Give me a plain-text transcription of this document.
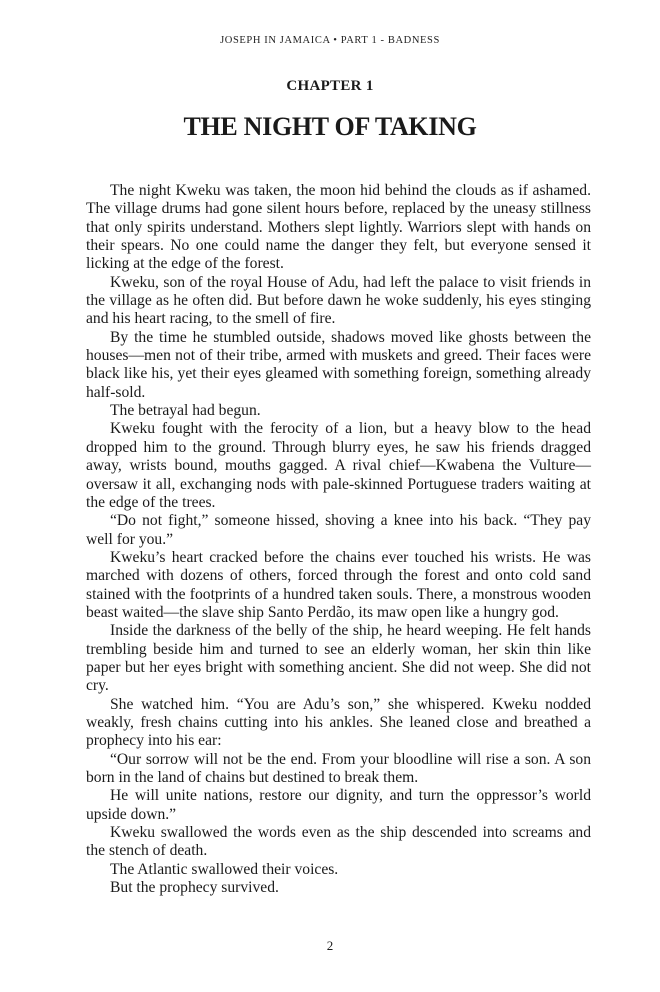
JOSEPH IN JAMAICA • PART 1 - BADNESS
CHAPTER 1
THE NIGHT OF TAKING

The night Kweku was taken, the moon hid behind the clouds as if ashamed. The village drums had gone silent hours before, replaced by the uneasy stillness that only spirits understand. Mothers slept lightly. Warriors slept with hands on their spears. No one could name the danger they felt, but everyone sensed it licking at the edge of the forest.

Kweku, son of the royal House of Adu, had left the palace to visit friends in the village as he often did. But before dawn he woke suddenly, his eyes stinging and his heart racing, to the smell of fire.

By the time he stumbled outside, shadows moved like ghosts between the houses—men not of their tribe, armed with muskets and greed. Their faces were black like his, yet their eyes gleamed with something foreign, something already half-sold.

The betrayal had begun.

Kweku fought with the ferocity of a lion, but a heavy blow to the head dropped him to the ground. Through blurry eyes, he saw his friends dragged away, wrists bound, mouths gagged. A rival chief—Kwabena the Vulture—oversaw it all, exchanging nods with pale-skinned Portuguese traders waiting at the edge of the trees.

“Do not fight,” someone hissed, shoving a knee into his back. “They pay well for you.”

Kweku’s heart cracked before the chains ever touched his wrists. He was marched with dozens of others, forced through the forest and onto cold sand stained with the footprints of a hundred taken souls. There, a monstrous wooden beast waited—the slave ship Santo Perdão, its maw open like a hungry god.

Inside the darkness of the belly of the ship, he heard weeping. He felt hands trembling beside him and turned to see an elderly woman, her skin thin like paper but her eyes bright with something ancient. She did not weep. She did not cry.

She watched him. “You are Adu’s son,” she whispered. Kweku nodded weakly, fresh chains cutting into his ankles. She leaned close and breathed a prophecy into his ear:

“Our sorrow will not be the end. From your bloodline will rise a son. A son born in the land of chains but destined to break them.

He will unite nations, restore our dignity, and turn the oppressor’s world upside down.”

Kweku swallowed the words even as the ship descended into screams and the stench of death.

The Atlantic swallowed their voices.

But the prophecy survived.

2
